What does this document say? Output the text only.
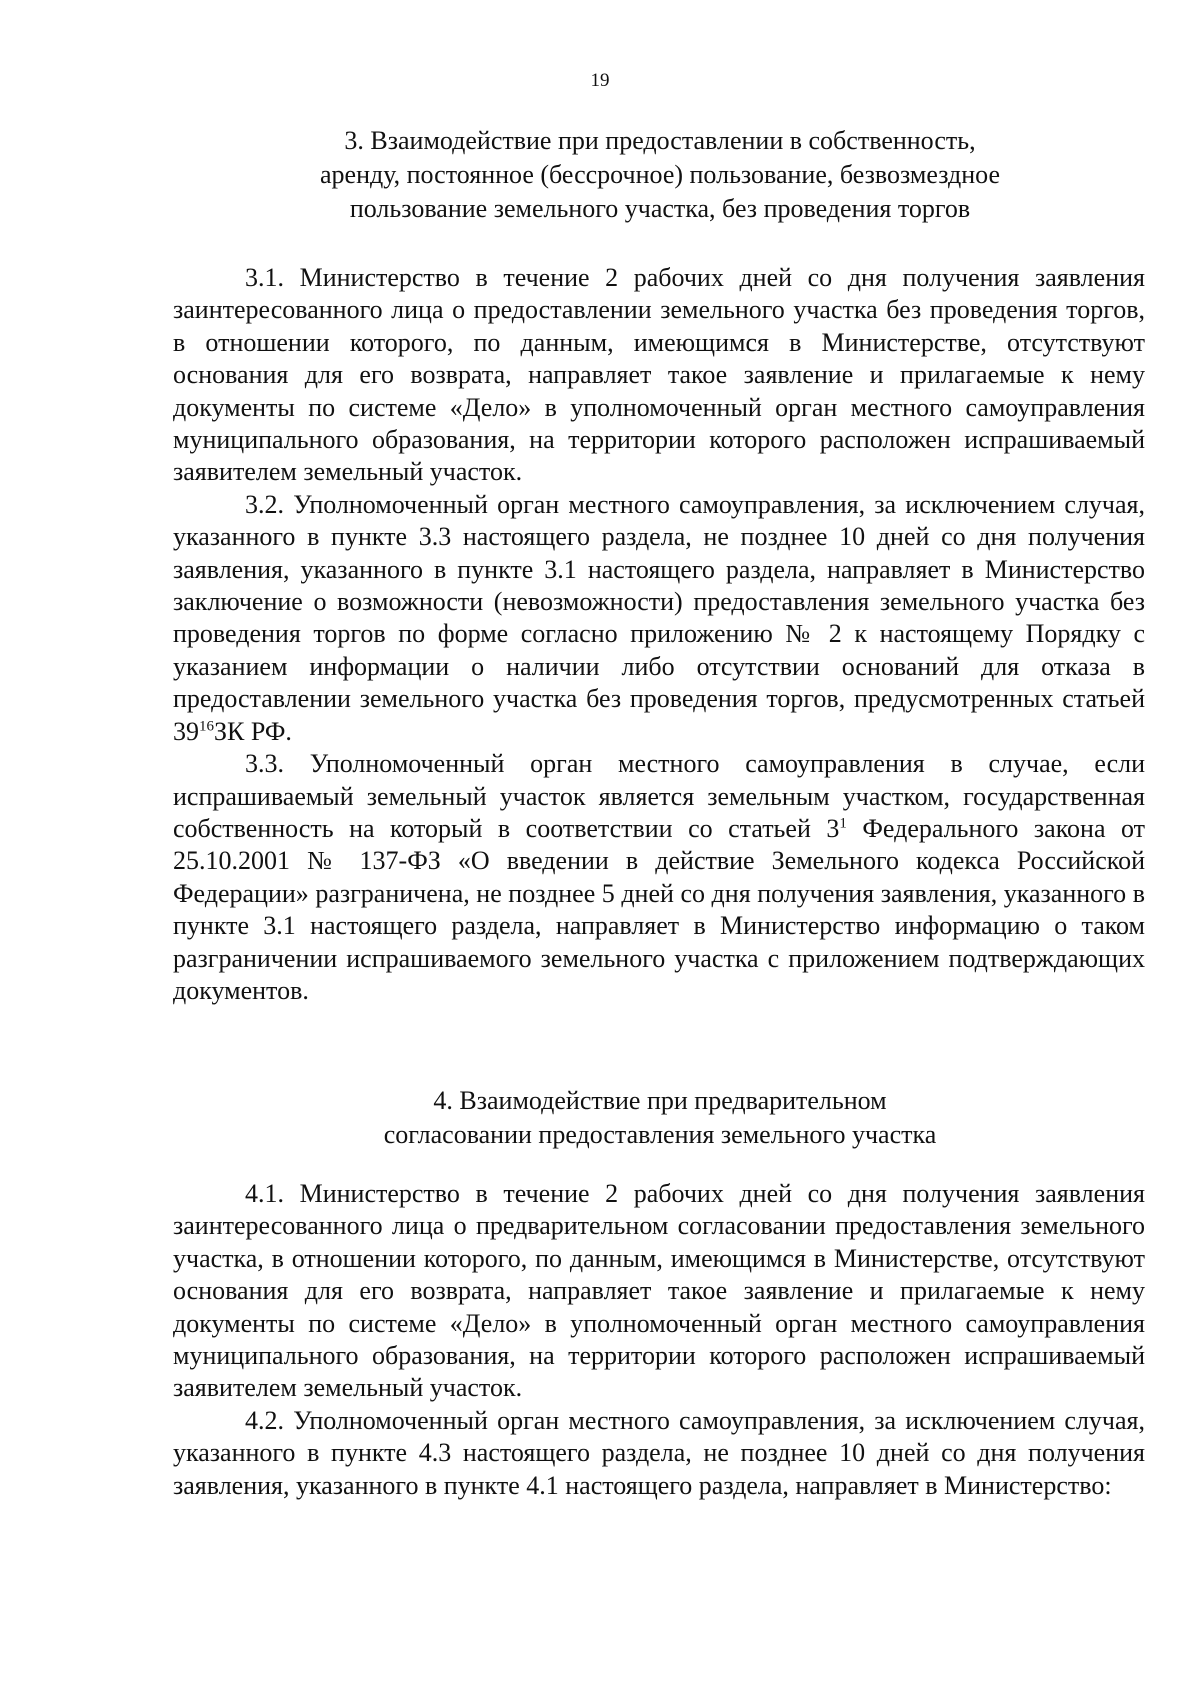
19
3. Взаимодействие при предоставлении в собственность,
аренду, постоянное (бессрочное) пользование, безвозмездное
пользование земельного участка, без проведения торгов

3.1. Министерство в течение 2 рабочих дней со дня получения заявления заинтересованного лица о предоставлении земельного участка без проведения торгов, в отношении которого, по данным, имеющимся в Министерстве, отсутствуют основания для его возврата, направляет такое заявление и прилагаемые к нему документы по системе «Дело» в уполномоченный орган местного самоуправления муниципального образования, на территории которого расположен испрашиваемый заявителем земельный участок.

3.2. Уполномоченный орган местного самоуправления, за исключением случая, указанного в пункте 3.3 настоящего раздела, не позднее 10 дней со дня получения заявления, указанного в пункте 3.1 настоящего раздела, направляет в Министерство заключение о возможности (невозможности) предоставления земельного участка без проведения торгов по форме согласно приложению № 2 к настоящему Порядку с указанием информации о наличии либо отсутствии оснований для отказа в предоставлении земельного участка без проведения торгов, предусмотренных статьей $39^{16}ЗК$ РФ.

3.3. Уполномоченный орган местного самоуправления в случае, если испрашиваемый земельный участок является земельным участком, государственная собственность на который в соответствии со статьей $3^1$ Федерального закона от 25.10.2001 № 137-ФЗ «О введении в действие Земельного кодекса Российской Федерации» разграничена, не позднее 5 дней со дня получения заявления, указанного в пункте 3.1 настоящего раздела, направляет в Министерство информацию о таком разграничении испрашиваемого земельного участка с приложением подтверждающих документов.

4. Взаимодействие при предварительном
согласовании предоставления земельного участка

4.1. Министерство в течение 2 рабочих дней со дня получения заявления заинтересованного лица о предварительном согласовании предоставления земельного участка, в отношении которого, по данным, имеющимся в Министерстве, отсутствуют основания для его возврата, направляет такое заявление и прилагаемые к нему документы по системе «Дело» в уполномоченный орган местного самоуправления муниципального образования, на территории которого расположен испрашиваемый заявителем земельный участок.

4.2. Уполномоченный орган местного самоуправления, за исключением случая, указанного в пункте 4.3 настоящего раздела, не позднее 10 дней со дня получения заявления, указанного в пункте 4.1 настоящего раздела, направляет в Министерство:
